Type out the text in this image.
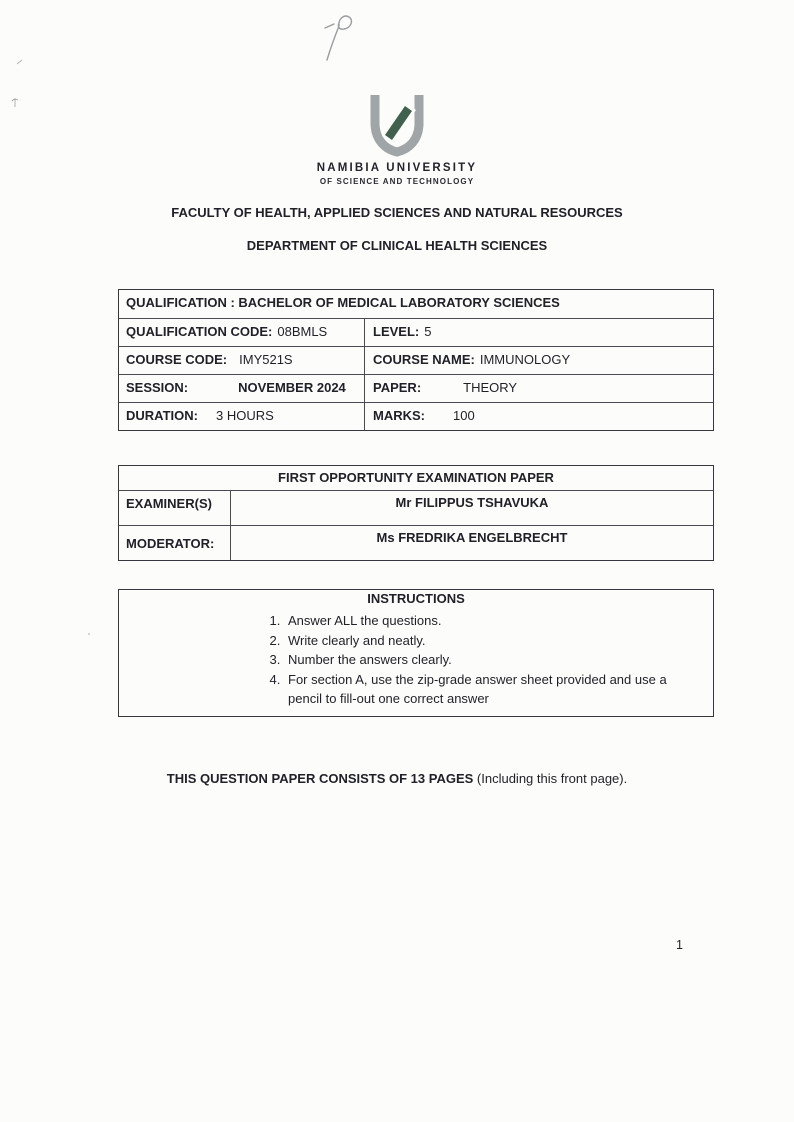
NAMIBIA UNIVERSITY
OF SCIENCE AND TECHNOLOGY
FACULTY OF HEALTH, APPLIED SCIENCES AND NATURAL RESOURCES
DEPARTMENT OF CLINICAL HEALTH SCIENCES
QUALIFICATION : BACHELOR OF MEDICAL LABORATORY SCIENCES
QUALIFICATION CODE: 08BMLS	LEVEL: 5
COURSE CODE: IMY521S	COURSE NAME: IMMUNOLOGY
SESSION:	NOVEMBER 2024	PAPER:	THEORY
DURATION: 3 HOURS	MARKS: 100
FIRST OPPORTUNITY EXAMINATION PAPER
EXAMINER(S)	Mr FILIPPUS TSHAVUKA
MODERATOR:	Ms FREDRIKA ENGELBRECHT
INSTRUCTIONS
1. Answer ALL the questions.
2. Write clearly and neatly.
3. Number the answers clearly.
4. For section A, use the zip-grade answer sheet provided and use a pencil to fill-out one correct answer
THIS QUESTION PAPER CONSISTS OF 13 PAGES (Including this front page).
1
